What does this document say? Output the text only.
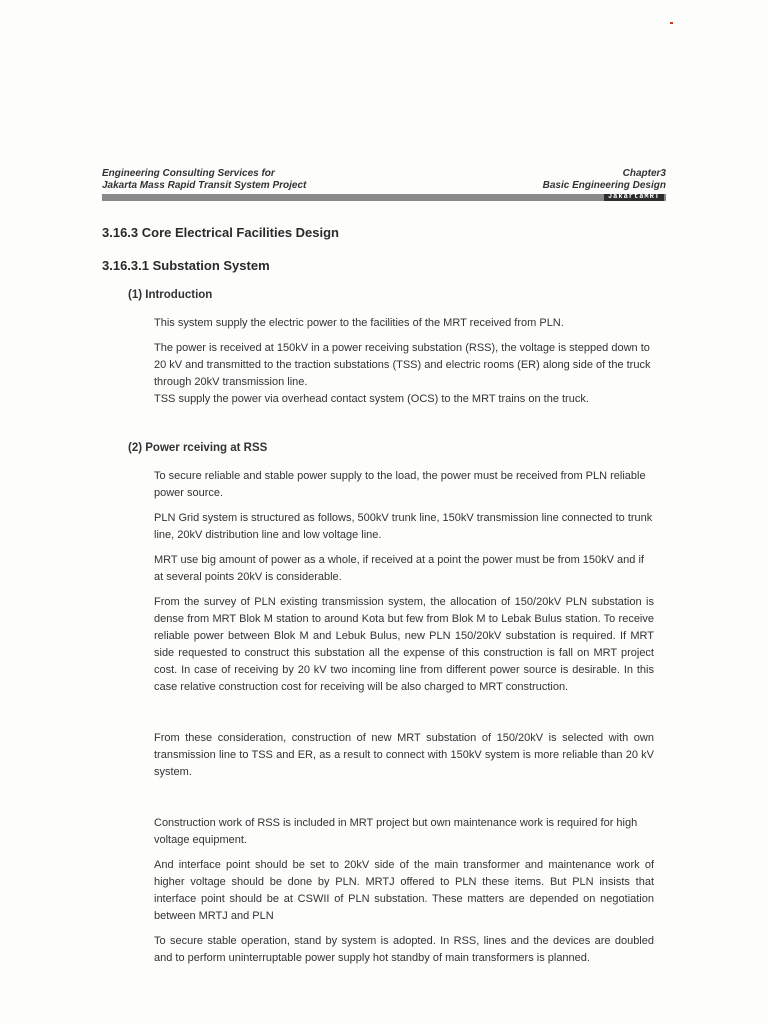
Engineering Consulting Services for
Jakarta Mass Rapid Transit System Project
Chapter3
Basic Engineering Design
JakartaMRT
3.16.3 Core Electrical Facilities Design
3.16.3.1 Substation System
(1) Introduction

This system supply the electric power to the facilities of the MRT received from PLN.

The power is received at 150kV in a power receiving substation (RSS), the voltage is stepped down to 20 kV and transmitted to the traction substations (TSS) and electric rooms (ER) along side of the truck through 20kV transmission line.

TSS supply the power via overhead contact system (OCS) to the MRT trains on the truck.

(2) Power rceiving at RSS

To secure reliable and stable power supply to the load, the power must be received from PLN reliable power source.

PLN Grid system is structured as follows, 500kV trunk line, 150kV transmission line connected to trunk line, 20kV distribution line and low voltage line.

MRT use big amount of power as a whole, if received at a point the power must be from 150kV and if at several points 20kV is considerable.

From the survey of PLN existing transmission system, the allocation of 150/20kV PLN substation is dense from MRT Blok M station to around Kota but few from Blok M to Lebak Bulus station. To receive reliable power between Blok M and Lebuk Bulus, new PLN 150/20kV substation is required. If MRT side requested to construct this substation all the expense of this construction is fall on MRT project cost. In case of receiving by 20 kV two incoming line from different power source is desirable. In this case relative construction cost for receiving will be also charged to MRT construction.

From these consideration, construction of new MRT substation of 150/20kV is selected with own transmission line to TSS and ER, as a result to connect with 150kV system is more reliable than 20 kV system.

Construction work of RSS is included in MRT project but own maintenance work is required for high voltage equipment.

And interface point should be set to 20kV side of the main transformer and maintenance work of higher voltage should be done by PLN. MRTJ offered to PLN these items. But PLN insists that interface point should be at CSWII of PLN substation. These matters are depended on negotiation between MRTJ and PLN

To secure stable operation, stand by system is adopted. In RSS, lines and the devices are doubled and to perform uninterruptable power supply hot standby of main transformers is planned.
